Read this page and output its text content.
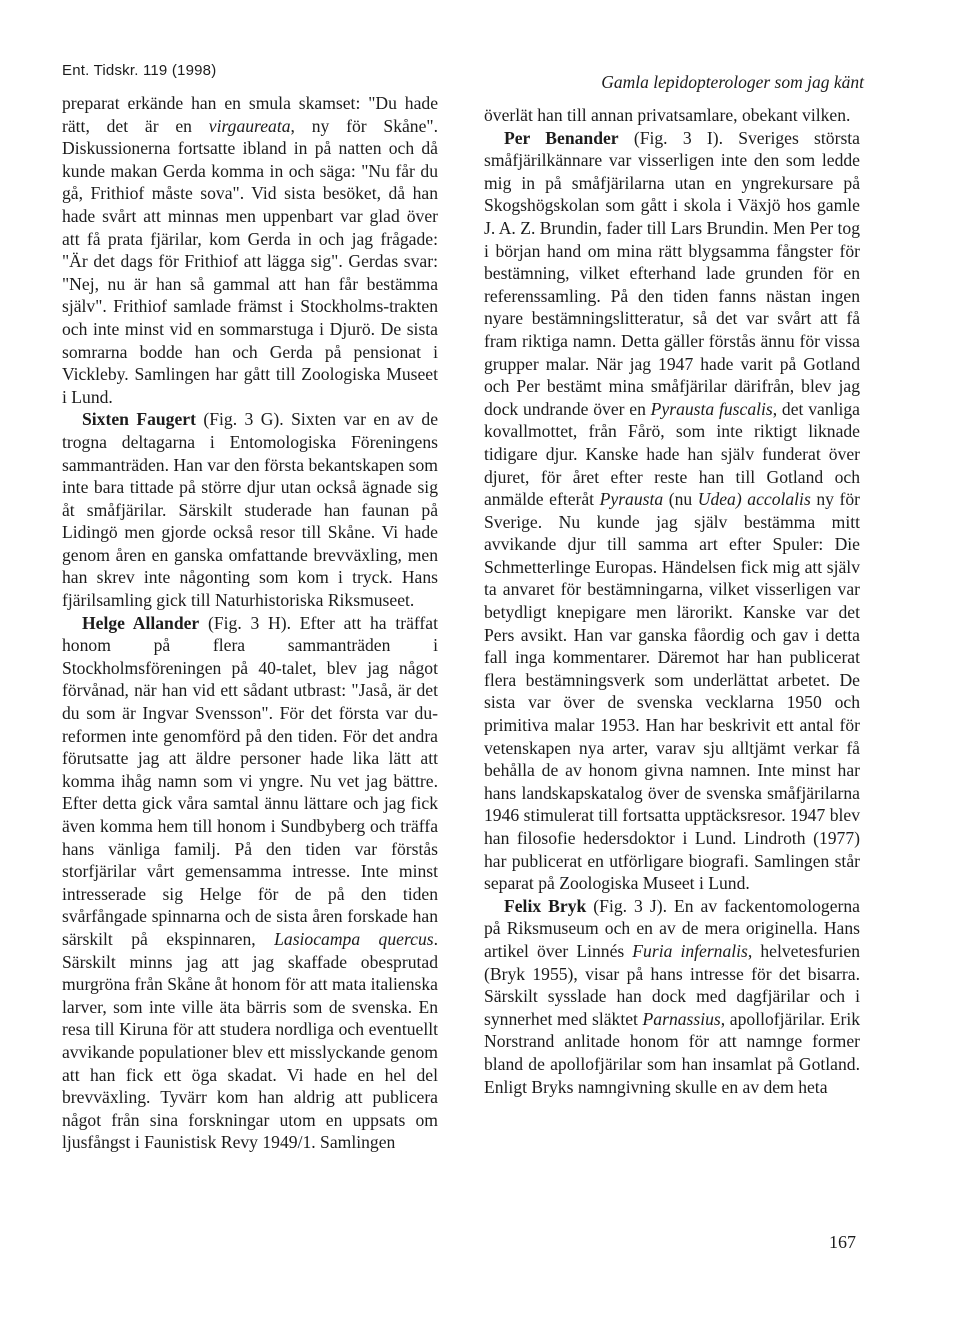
Ent. Tidskr. 119 (1998)
Gamla lepidopterologer som jag känt

preparat erkände han en smula skamset: "Du hade rätt, det är en virgaureata, ny för Skåne". Diskussionerna fortsatte ibland in på natten och då kunde makan Gerda komma in och säga: "Nu får du gå, Frithiof måste sova". Vid sista besöket, då han hade svårt att minnas men uppenbart var glad över att få prata fjärilar, kom Gerda in och jag frågade: "Är det dags för Frithiof att lägga sig". Gerdas svar: "Nej, nu är han så gammal att han får bestämma själv". Frithiof samlade främst i Stockholms-trakten och inte minst vid en sommarstuga i Djurö. De sista somrarna bodde han och Gerda på pensionat i Vickleby. Samlingen har gått till Zoologiska Museet i Lund.

Sixten Faugert (Fig. 3 G). Sixten var en av de trogna deltagarna i Entomologiska Föreningens sammanträden. Han var den första bekantskapen som inte bara tittade på större djur utan också ägnade sig åt småfjärilar. Särskilt studerade han faunan på Lidingö men gjorde också resor till Skåne. Vi hade genom åren en ganska omfattande brevväxling, men han skrev inte någonting som kom i tryck. Hans fjärilsamling gick till Naturhistoriska Riksmuseet.

Helge Allander (Fig. 3 H). Efter att ha träffat honom på flera sammanträden i Stockholmsföreningen på 40-talet, blev jag något förvånad, när han vid ett sådant utbrast: "Jaså, är det du som är Ingvar Svensson". För det första var du-reformen inte genomförd på den tiden. För det andra förutsatte jag att äldre personer hade lika lätt att komma ihåg namn som vi yngre. Nu vet jag bättre. Efter detta gick våra samtal ännu lättare och jag fick även komma hem till honom i Sundbyberg och träffa hans vänliga familj. På den tiden var förstås storfjärilar vårt gemensamma intresse. Inte minst intresserade sig Helge för de på den tiden svårfångade spinnarna och de sista åren forskade han särskilt på ekspinnaren, Lasiocampa quercus. Särskilt minns jag att jag skaffade obesprutad murgröna från Skåne åt honom för att mata italienska larver, som inte ville äta bärris som de svenska. En resa till Kiruna för att studera nordliga och eventuellt avvikande populationer blev ett misslyckande genom att han fick ett öga skadat. Vi hade en hel del brevväxling. Tyvärr kom han aldrig att publicera något från sina forskningar utom en uppsats om ljusfångst i Faunistisk Revy 1949/1. Samlingen

överlät han till annan privatsamlare, obekant vilken.

Per Benander (Fig. 3 I). Sveriges största småfjärilkännare var visserligen inte den som ledde mig in på småfjärilarna utan en yngrekursare på Skogshögskolan som gått i skola i Växjö hos gamle J. A. Z. Brundin, fader till Lars Brundin. Men Per tog i början hand om mina rätt blygsamma fångster för bestämning, vilket efterhand lade grunden för en referenssamling. På den tiden fanns nästan ingen nyare bestämningslitteratur, så det var svårt att få fram riktiga namn. Detta gäller förstås ännu för vissa grupper malar. När jag 1947 hade varit på Gotland och Per bestämt mina småfjärilar därifrån, blev jag dock undrande över en Pyrausta fuscalis, det vanliga kovallmottet, från Fårö, som inte riktigt liknade tidigare djur. Kanske hade han själv funderat över djuret, för året efter reste han till Gotland och anmälde efteråt Pyrausta (nu Udea) accolalis ny för Sverige. Nu kunde jag själv bestämma mitt avvikande djur till samma art efter Spuler: Die Schmetterlinge Europas. Händelsen fick mig att själv ta anvaret för bestämningarna, vilket visserligen var betydligt knepigare men lärorikt. Kanske var det Pers avsikt. Han var ganska fåordig och gav i detta fall inga kommentarer. Däremot har han publicerat flera bestämningsverk som underlättat arbetet. De sista var över de svenska vecklarna 1950 och primitiva malar 1953. Han har beskrivit ett antal för vetenskapen nya arter, varav sju alltjämt verkar få behålla de av honom givna namnen. Inte minst har hans landskapskatalog över de svenska småfjärilarna 1946 stimulerat till fortsatta upptäcksresor. 1947 blev han filosofie hedersdoktor i Lund. Lindroth (1977) har publicerat en utförligare biografi. Samlingen står separat på Zoologiska Museet i Lund.

Felix Bryk (Fig. 3 J). En av fackentomologerna på Riksmuseum och en av de mera originella. Hans artikel över Linnés Furia infernalis, helvetesfurien (Bryk 1955), visar på hans intresse för det bisarra. Särskilt sysslade han dock med dagfjärilar och i synnerhet med släktet Parnassius, apollofjärilar. Erik Norstrand anlitade honom för att namnge former bland de apollofjärilar som han insamlat på Gotland. Enligt Bryks namngivning skulle en av dem heta

167
